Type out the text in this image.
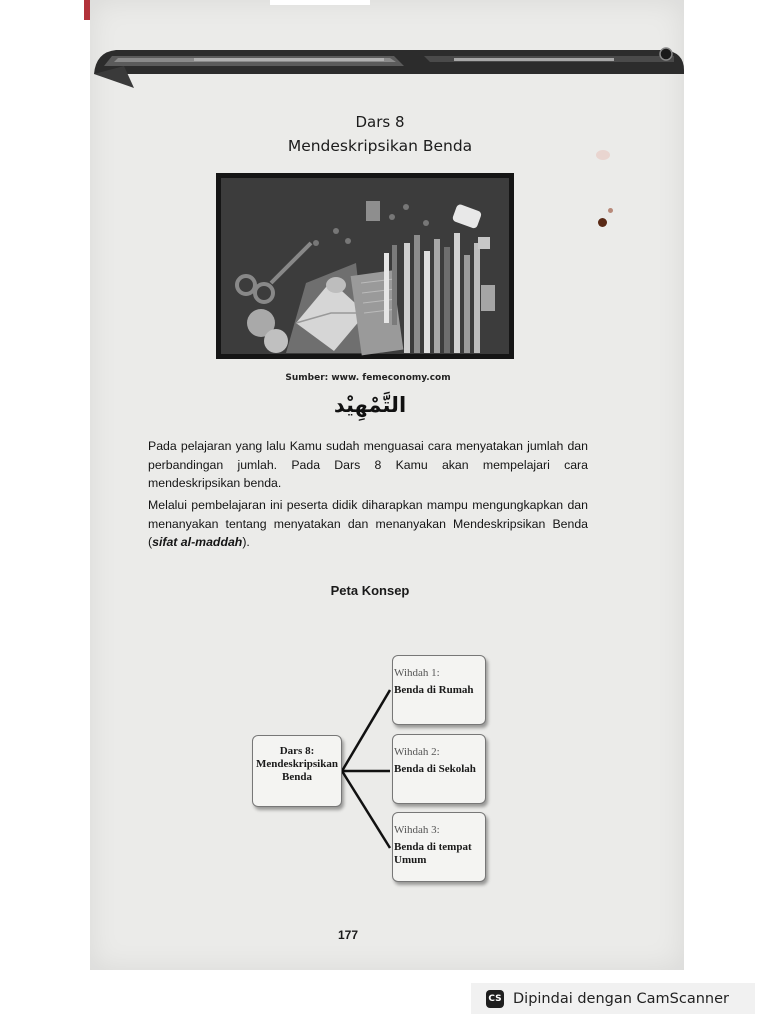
Dars 8
Mendeskripsikan Benda
Sumber: www. femeconomy.com
التَّمْهِيْد

Pada pelajaran yang lalu Kamu sudah menguasai cara menyatakan jumlah dan perbandingan jumlah. Pada Dars 8 Kamu akan mempelajari cara mendeskripsikan benda.

Melalui pembelajaran ini peserta didik diharapkan mampu mengungkapkan dan menanyakan tentang menyatakan dan menanyakan Mendeskripsikan Benda (sifat al-maddah).

Peta Konsep
Dars 8:
Mendeskripsikan Benda
Wihdah 1:
Benda di Rumah
Wihdah 2:
Benda di Sekolah
Wihdah 3:
Benda di tempat Umum
177
CS Dipindai dengan CamScanner
